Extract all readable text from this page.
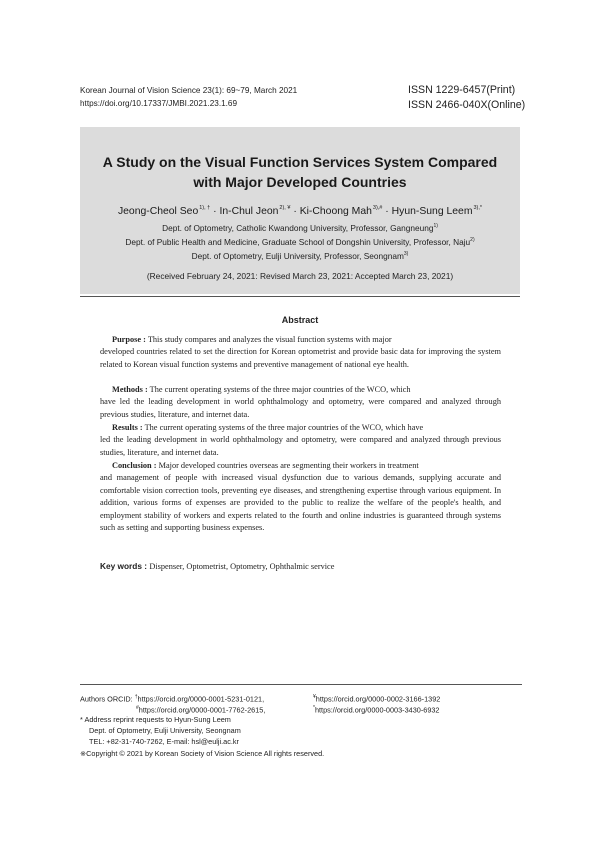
Korean Journal of Vision Science 23(1): 69~79, March 2021
https://doi.org/10.17337/JMBI.2021.23.1.69
ISSN 1229-6457(Print)
ISSN 2466-040X(Online)
A Study on the Visual Function Services System Compared
with Major Developed Countries
Jeong-Cheol Seo$^{1), \dagger}$ · In-Chul Jeon$^{2), ¥}$ · Ki-Choong Mah$^{3),\#}$ · Hyun-Sung Leem$^{3),*}$
Dept. of Optometry, Catholic Kwandong University, Professor, Gangneung$^{1)}$
Dept. of Public Health and Medicine, Graduate School of Dongshin University, Professor, Naju$^{2)}$
Dept. of Optometry, Eulji University, Professor, Seongnam$^{3)}$
(Received February 24, 2021: Revised March 23, 2021: Accepted March 23, 2021)
Abstract
Purpose : This study compares and analyzes the visual function systems with major
developed countries related to set the direction for Korean optometrist and provide basic data for improving the system related to Korean visual function systems and preventive management of national eye health.
Methods : The current operating systems of the three major countries of the WCO, which
have led the leading development in world ophthalmology and optometry, were compared and analyzed through previous studies, literature, and internet data.
Results : The current operating systems of the three major countries of the WCO, which have
led the leading development in world ophthalmology and optometry, were compared and analyzed through previous studies, literature, and internet data.
Conclusion : Major developed countries overseas are segmenting their workers in treatment
and management of people with increased visual dysfunction due to various demands, supplying accurate and comfortable vision correction tools, preventing eye diseases, and strengthening expertise through various equipment. In addition, various forms of expenses are provided to the public to realize the welfare of the people's health, and employment stability of workers and experts related to the fourth and online industries is guaranteed through systems such as setting and supporting business expenses.
Key words : Dispenser, Optometrist, Optometry, Ophthalmic service
Authors ORCID: †https://orcid.org/0000-0001-5231-0121,	¥https://orcid.org/0000-0002-3166-1392
#https://orcid.org/0000-0001-7762-2615,	*https://orcid.org/0000-0003-3430-6932
* Address reprint requests to Hyun-Sung Leem
Dept. of Optometry, Eulji University, Seongnam
TEL: +82-31-740-7262, E-mail: hsl@eulji.ac.kr
※Copyright © 2021 by Korean Society of Vision Science All rights reserved.
